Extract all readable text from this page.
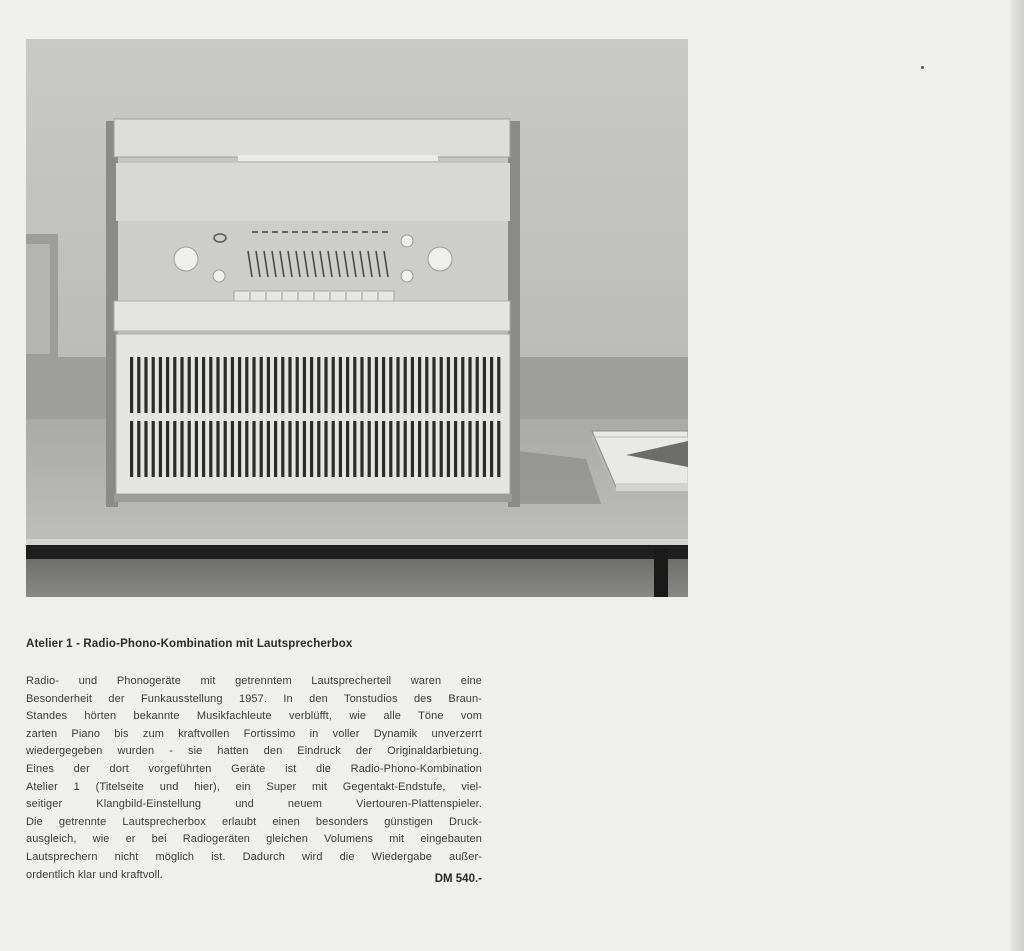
Atelier 1 - Radio-Phono-Kombination mit Lautsprecherbox
Radio- und Phonogeräte mit getrenntem Lautsprecherteil waren eine
Besonderheit der Funkausstellung 1957. In den Tonstudios des Braun-
Standes hörten bekannte Musikfachleute verblüfft, wie alle Töne vom
zarten Piano bis zum kraftvollen Fortissimo in voller Dynamik unverzerrt
wiedergegeben wurden - sie hatten den Eindruck der Originaldarbietung.
Eines der dort vorgeführten Geräte ist die Radio-Phono-Kombination
Atelier 1 (Titelseite und hier), ein Super mit Gegentakt-Endstufe, viel-
seitiger Klangbild-Einstellung und neuem Viertouren-Plattenspieler.
Die getrennte Lautsprecherbox erlaubt einen besonders günstigen Druck-
ausgleich, wie er bei Radiogeräten gleichen Volumens mit eingebauten
Lautsprechern nicht möglich ist. Dadurch wird die Wiedergabe außer-
ordentlich klar und kraftvoll.	DM 540.-
